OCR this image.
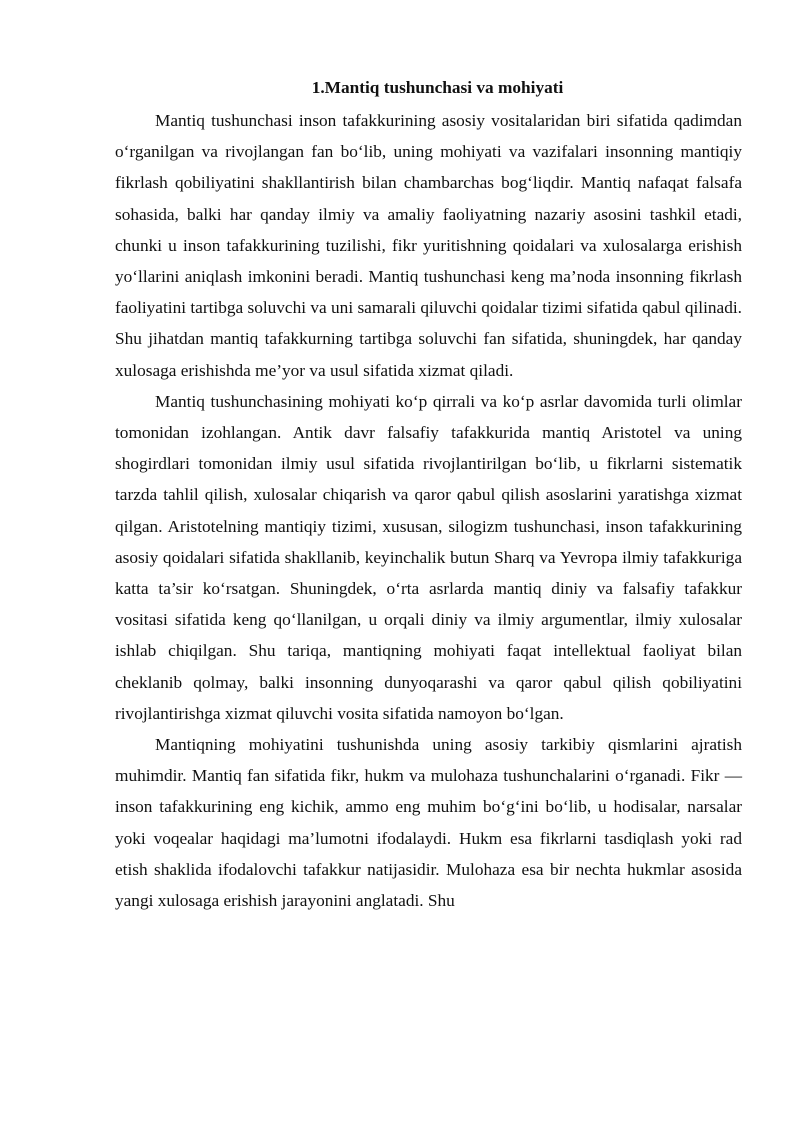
1.Mantiq tushunchasi va mohiyati

Mantiq tushunchasi inson tafakkurining asosiy vositalaridan biri sifatida qadimdan o‘rganilgan va rivojlangan fan bo‘lib, uning mohiyati va vazifalari insonning mantiqiy fikrlash qobiliyatini shakllantirish bilan chambarchas bog‘liqdir. Mantiq nafaqat falsafa sohasida, balki har qanday ilmiy va amaliy faoliyatning nazariy asosini tashkil etadi, chunki u inson tafakkurining tuzilishi, fikr yuritishning qoidalari va xulosalarga erishish yo‘llarini aniqlash imkonini beradi. Mantiq tushunchasi keng ma’noda insonning fikrlash faoliyatini tartibga soluvchi va uni samarali qiluvchi qoidalar tizimi sifatida qabul qilinadi. Shu jihatdan mantiq tafakkurning tartibga soluvchi fan sifatida, shuningdek, har qanday xulosaga erishishda me’yor va usul sifatida xizmat qiladi.

Mantiq tushunchasining mohiyati ko‘p qirrali va ko‘p asrlar davomida turli olimlar tomonidan izohlangan. Antik davr falsafiy tafakkurida mantiq Aristotel va uning shogirdlari tomonidan ilmiy usul sifatida rivojlantirilgan bo‘lib, u fikrlarni sistematik tarzda tahlil qilish, xulosalar chiqarish va qaror qabul qilish asoslarini yaratishga xizmat qilgan. Aristotelning mantiqiy tizimi, xususan, silogizm tushunchasi, inson tafakkurining asosiy qoidalari sifatida shakllanib, keyinchalik butun Sharq va Yevropa ilmiy tafakkuriga katta ta’sir ko‘rsatgan. Shuningdek, o‘rta asrlarda mantiq diniy va falsafiy tafakkur vositasi sifatida keng qo‘llanilgan, u orqali diniy va ilmiy argumentlar, ilmiy xulosalar ishlab chiqilgan. Shu tariqa, mantiqning mohiyati faqat intellektual faoliyat bilan cheklanib qolmay, balki insonning dunyoqarashi va qaror qabul qilish qobiliyatini rivojlantirishga xizmat qiluvchi vosita sifatida namoyon bo‘lgan.

Mantiqning mohiyatini tushunishda uning asosiy tarkibiy qismlarini ajratish muhimdir. Mantiq fan sifatida fikr, hukm va mulohaza tushunchalarini o‘rganadi. Fikr — inson tafakkurining eng kichik, ammo eng muhim bo‘g‘ini bo‘lib, u hodisalar, narsalar yoki voqealar haqidagi ma’lumotni ifodalaydi. Hukm esa fikrlarni tasdiqlash yoki rad etish shaklida ifodalovchi tafakkur natijasidir. Mulohaza esa bir nechta hukmlar asosida yangi xulosaga erishish jarayonini anglatadi. Shu
